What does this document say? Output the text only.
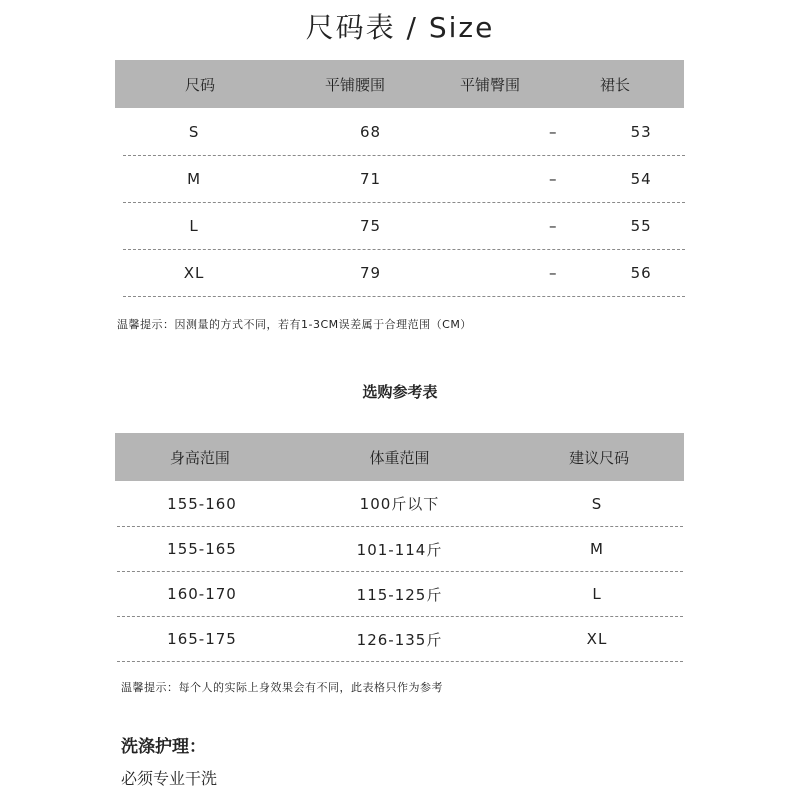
尺码表 / Size
尺码	平铺腰围	平铺臀围	裙长
S	68	–	53
M	71	–	54
L	75	–	55
XL	79	–	56
温馨提示：因测量的方式不同，若有1-3CM误差属于合理范围（CM）
选购参考表
身高范围	体重范围	建议尺码
155-160	100斤以下	S
155-165	101-114斤	M
160-170	115-125斤	L
165-175	126-135斤	XL
温馨提示：每个人的实际上身效果会有不同，此表格只作为参考
洗涤护理：
必须专业干洗
